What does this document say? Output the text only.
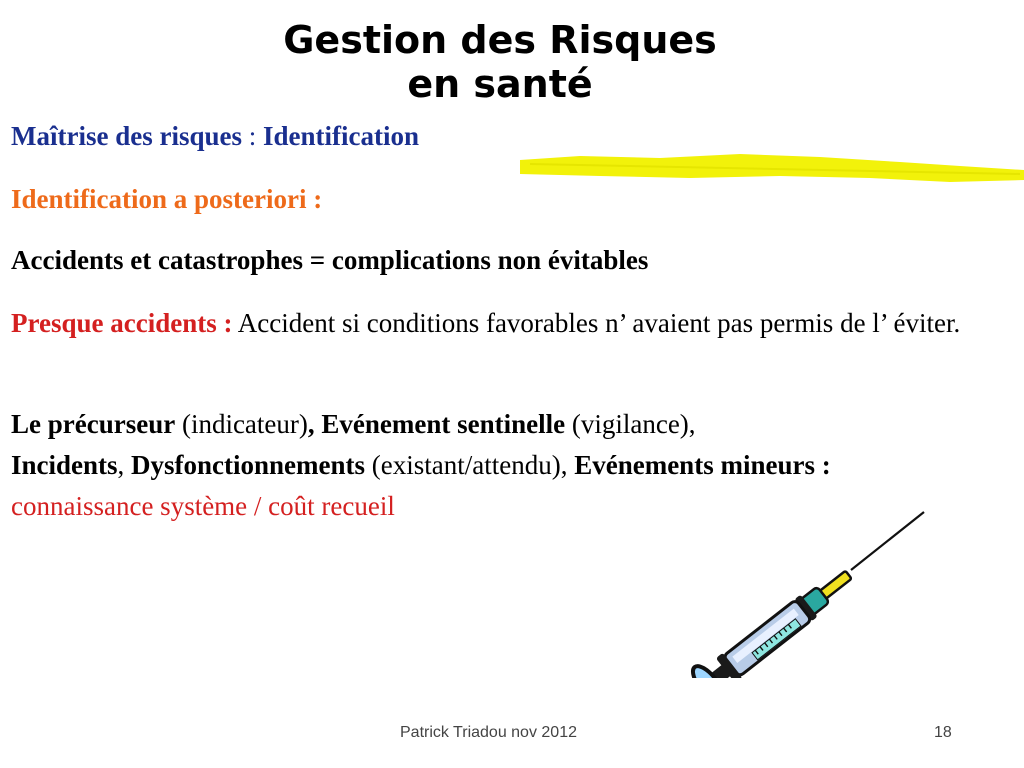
Gestion des Risques
en santé
Maîtrise des risques : Identification
Identification a posteriori :
Accidents et catastrophes = complications non évitables
Presque accidents : Accident si conditions favorables n’ avaient pas permis de l’ éviter.
Le précurseur (indicateur), Evénement sentinelle (vigilance),
Incidents, Dysfonctionnements (existant/attendu), Evénements mineurs : connaissance système / coût recueil
Patrick Triadou nov 2012	18
